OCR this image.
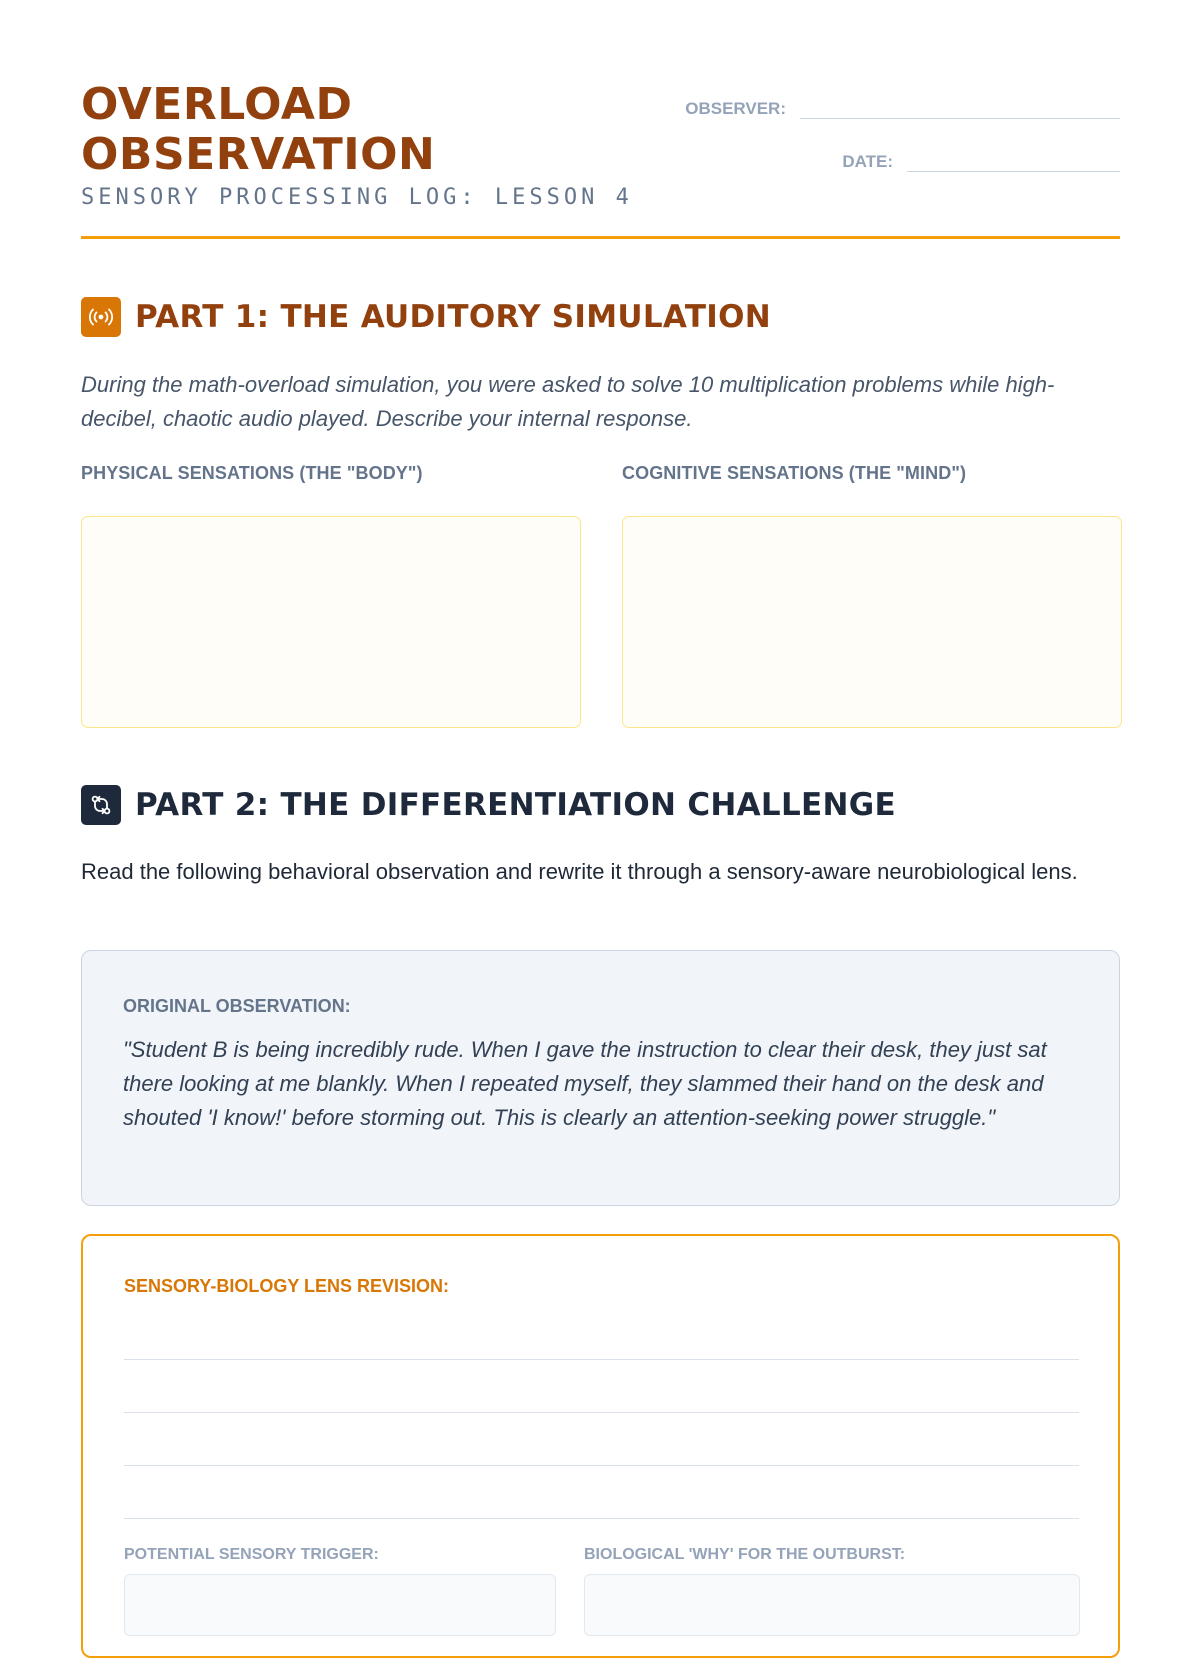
OVERLOAD
OBSERVATION
SENSORY PROCESSING LOG: LESSON 4
OBSERVER:
DATE:
PART 1: THE AUDITORY SIMULATION

During the math-overload simulation, you were asked to solve 10 multiplication problems while high-decibel, chaotic audio played. Describe your internal response.

PHYSICAL SENSATIONS (THE "BODY")	COGNITIVE SENSATIONS (THE "MIND")
PART 2: THE DIFFERENTIATION CHALLENGE

Read the following behavioral observation and rewrite it through a sensory-aware neurobiological lens.

ORIGINAL OBSERVATION:

"Student B is being incredibly rude. When I gave the instruction to clear their desk, they just sat there looking at me blankly. When I repeated myself, they slammed their hand on the desk and shouted 'I know!' before storming out. This is clearly an attention-seeking power struggle."

SENSORY-BIOLOGY LENS REVISION:
POTENTIAL SENSORY TRIGGER:	BIOLOGICAL 'WHY' FOR THE OUTBURST:
